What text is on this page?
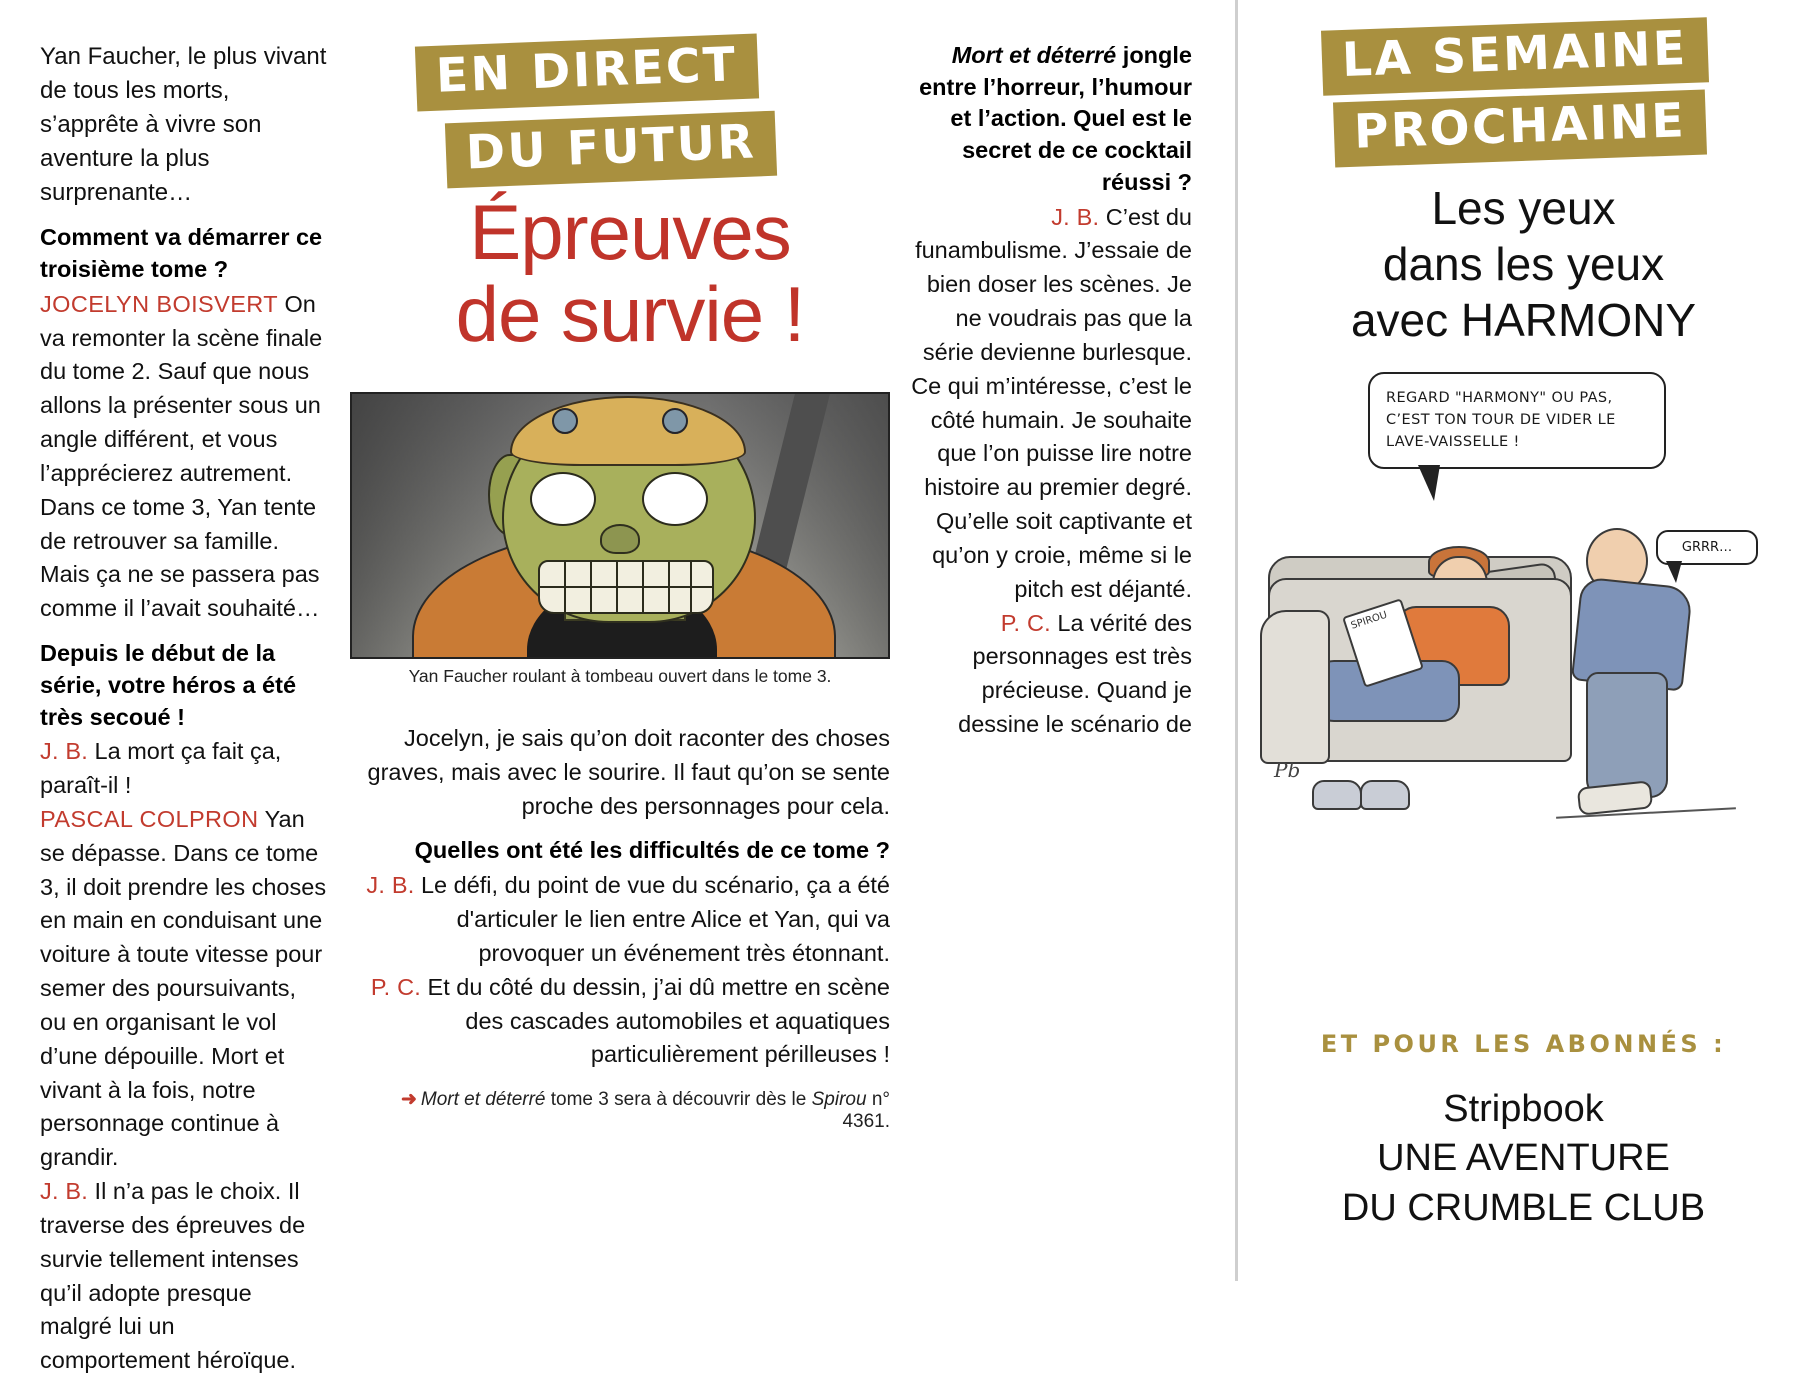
Yan Faucher, le plus vivant de tous les morts, s’apprête à vivre son aventure la plus surprenante…

Comment va démarrer ce troisième tome ?

JOCELYN BOISVERT On va remonter la scène finale du tome 2. Sauf que nous allons la présenter sous un angle différent, et vous l’apprécierez autrement. Dans ce tome 3, Yan tente de retrouver sa famille. Mais ça ne se passera pas comme il l’avait souhaité…

Depuis le début de la série, votre héros a été très secoué !

J. B. La mort ça fait ça, paraît-il !

PASCAL COLPRON Yan se dépasse. Dans ce tome 3, il doit prendre les choses en main en conduisant une voiture à toute vitesse pour semer des poursuivants, ou en organisant le vol d’une dépouille. Mort et vivant à la fois, notre personnage continue à grandir.

J. B. Il n’a pas le choix. Il traverse des épreuves de survie tellement intenses qu’il adopte presque malgré lui un comportement héroïque.

EN DIRECT
DU FUTUR
Épreuves
de survie !
Yan Faucher roulant à tombeau ouvert dans le tome 3.

Mort et déterré jongle entre l’horreur, l’humour et l’action. Quel est le secret de ce cocktail réussi ?

J. B. C’est du funambulisme. J’essaie de bien doser les scènes. Je ne voudrais pas que la série devienne burlesque. Ce qui m’intéresse, c’est le côté humain. Je souhaite que l’on puisse lire notre histoire au premier degré. Qu’elle soit captivante et qu’on y croie, même si le pitch est déjanté.

P. C. La vérité des personnages est très précieuse. Quand je dessine le scénario de

Jocelyn, je sais qu’on doit raconter des choses graves, mais avec le sourire. Il faut qu’on se sente proche des personnages pour cela.

Quelles ont été les difficultés de ce tome ?

J. B. Le défi, du point de vue du scénario, ça a été d'articuler le lien entre Alice et Yan, qui va provoquer un événement très étonnant.

P. C. Et du côté du dessin, j’ai dû mettre en scène des cascades automobiles et aquatiques particulièrement périlleuses !

➜ Mort et déterré tome 3 sera à découvrir dès le Spirou n° 4361.

LA SEMAINE
PROCHAINE
Les yeux
dans les yeux
avec HARMONY
REGARD "HARMONY" OU PAS, C’EST TON TOUR DE VIDER LE LAVE-VAISSELLE !
GRRR…
SPIROU
Pb
ET POUR LES ABONNÉS :
Stripbook
UNE AVENTURE
DU CRUMBLE CLUB
